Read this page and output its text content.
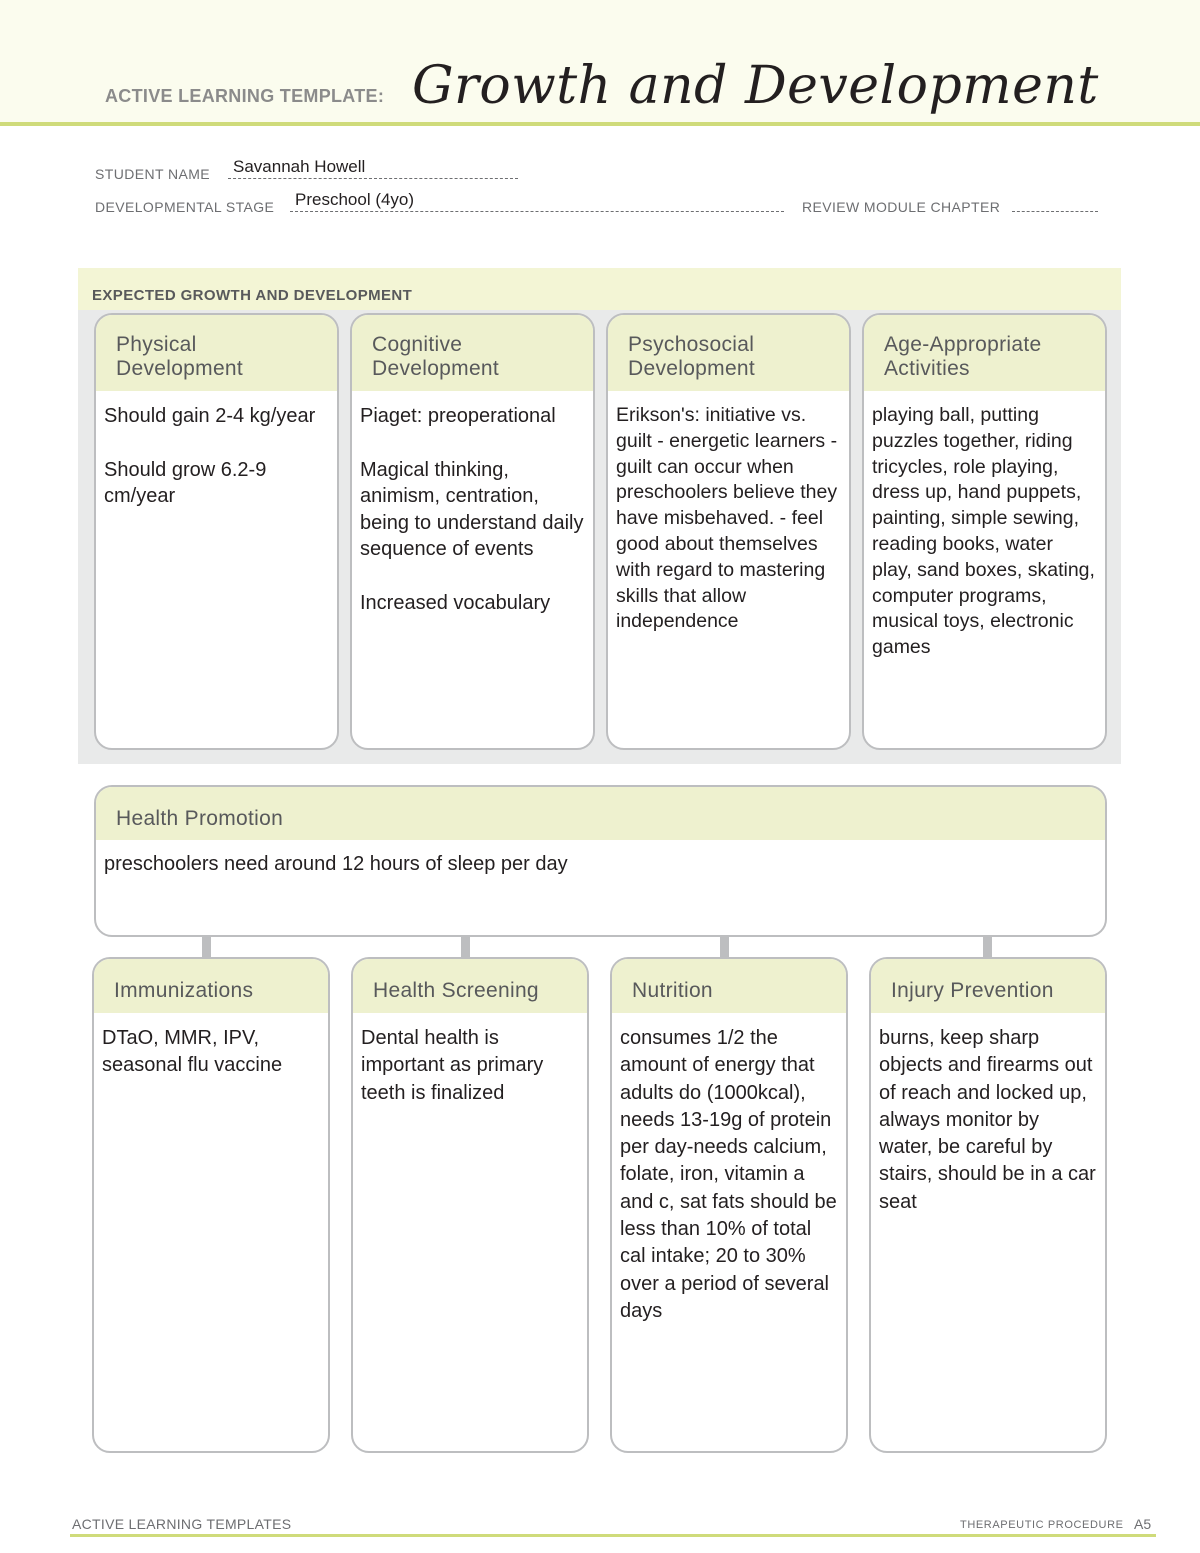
ACTIVE LEARNING TEMPLATE: Growth and Development
STUDENT NAME Savannah Howell
DEVELOPMENTAL STAGE Preschool (4yo)	REVIEW MODULE CHAPTER
EXPECTED GROWTH AND DEVELOPMENT
Physical
Development

Should gain 2-4 kg/year

Should grow 6.2-9 cm/year

Cognitive
Development

Piaget: preoperational

Magical thinking, animism, centration, being to understand daily sequence of events

Increased vocabulary

Psychosocial
Development

Erikson's: initiative vs. guilt - energetic learners - guilt can occur when preschoolers believe they have misbehaved. - feel good about themselves with regard to mastering skills that allow independence

Age-Appropriate
Activities

playing ball, putting puzzles together, riding tricycles, role playing, dress up, hand puppets, painting, simple sewing, reading books, water play, sand boxes, skating, computer programs, musical toys, electronic games

Health Promotion
preschoolers need around 12 hours of sleep per day
Immunizations
DTaO, MMR, IPV, seasonal flu vaccine
Health Screening
Dental health is important as primary teeth is finalized
Nutrition
consumes 1/2 the amount of energy that adults do (1000kcal), needs 13-19g of protein per day-needs calcium, folate, iron, vitamin a and c, sat fats should be less than 10% of total cal intake; 20 to 30% over a period of several days
Injury Prevention
burns, keep sharp objects and firearms out of reach and locked up, always monitor by water, be careful by stairs, should be in a car seat
ACTIVE LEARNING TEMPLATES	THERAPEUTIC PROCEDURE A5
